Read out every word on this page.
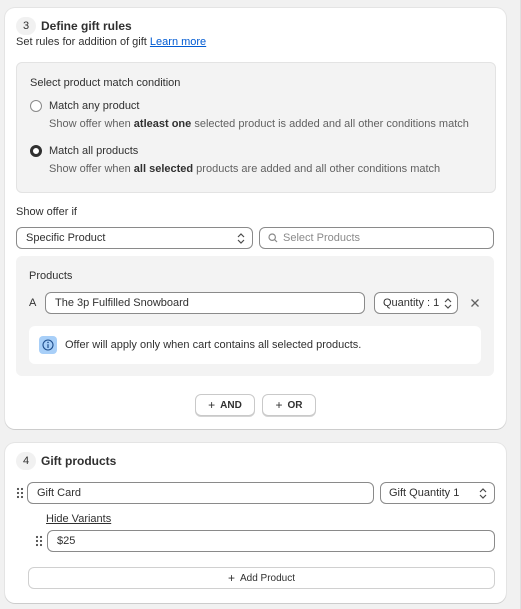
3 Define gift rules
Set rules for addition of gift Learn more
Select product match condition
Match any product
Show offer when atleast one selected product is added and all other conditions match
Match all products
Show offer when all selected products are added and all other conditions match
Show offer if
Specific Product	Select Products
Products
A The 3p Fulfilled Snowboard	Quantity : 1
Offer will apply only when cart contains all selected products.
+ AND	+ OR
4 Gift products
Gift Card	Gift Quantity 1
Hide Variants
$25
+ Add Product
